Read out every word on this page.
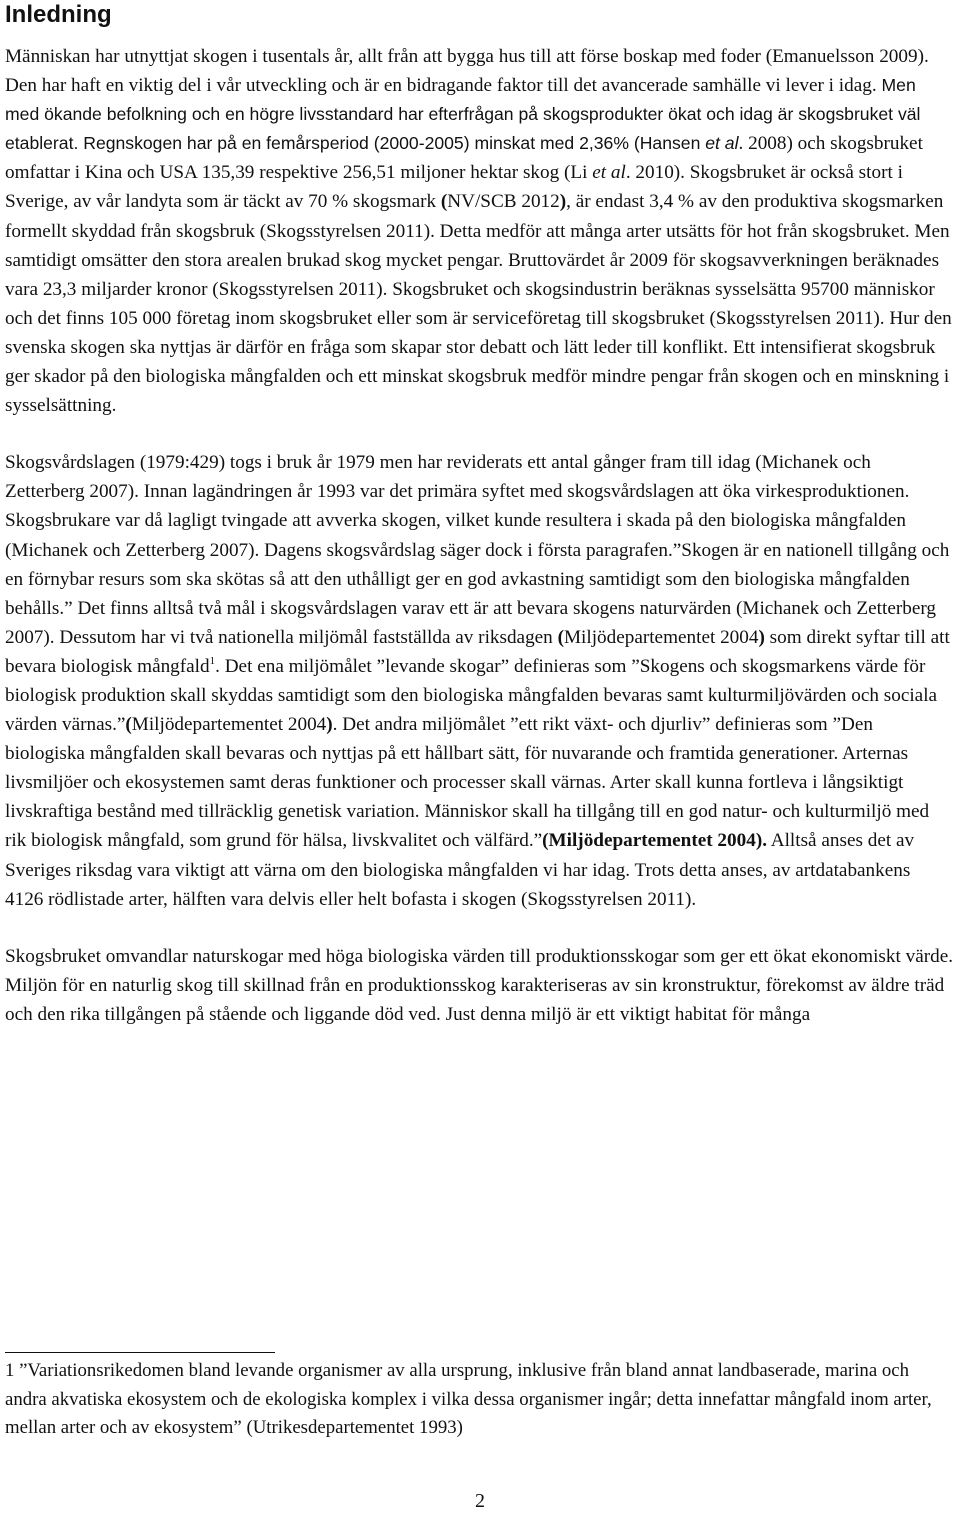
Inledning

Människan har utnyttjat skogen i tusentals år, allt från att bygga hus till att förse boskap med foder (Emanuelsson 2009). Den har haft en viktig del i vår utveckling och är en bidragande faktor till det avancerade samhälle vi lever i idag. Men med ökande befolkning och en högre livsstandard har efterfrågan på skogsprodukter ökat och idag är skogsbruket väl etablerat. Regnskogen har på en femårsperiod (2000-2005) minskat med 2,36% (Hansen et al. 2008) och skogsbruket omfattar i Kina och USA 135,39 respektive 256,51 miljoner hektar skog (Li et al. 2010). Skogsbruket är också stort i Sverige, av vår landyta som är täckt av 70 % skogsmark (NV/SCB 2012), är endast 3,4 % av den produktiva skogsmarken formellt skyddad från skogsbruk (Skogsstyrelsen 2011). Detta medför att många arter utsätts för hot från skogsbruket. Men samtidigt omsätter den stora arealen brukad skog mycket pengar. Bruttovärdet år 2009 för skogsavverkningen beräknades vara 23,3 miljarder kronor (Skogsstyrelsen 2011). Skogsbruket och skogsindustrin beräknas sysselsätta 95700 människor och det finns 105 000 företag inom skogsbruket eller som är serviceföretag till skogsbruket (Skogsstyrelsen 2011). Hur den svenska skogen ska nyttjas är därför en fråga som skapar stor debatt och lätt leder till konflikt. Ett intensifierat skogsbruk ger skador på den biologiska mångfalden och ett minskat skogsbruk medför mindre pengar från skogen och en minskning i sysselsättning.

Skogsvårdslagen (1979:429) togs i bruk år 1979 men har reviderats ett antal gånger fram till idag (Michanek och Zetterberg 2007). Innan lagändringen år 1993 var det primära syftet med skogsvårdslagen att öka virkesproduktionen. Skogsbrukare var då lagligt tvingade att avverka skogen, vilket kunde resultera i skada på den biologiska mångfalden (Michanek och Zetterberg 2007). Dagens skogsvårdslag säger dock i första paragrafen.”Skogen är en nationell tillgång och en förnybar resurs som ska skötas så att den uthålligt ger en god avkastning samtidigt som den biologiska mångfalden behålls.” Det finns alltså två mål i skogsvårdslagen varav ett är att bevara skogens naturvärden (Michanek och Zetterberg 2007). Dessutom har vi två nationella miljömål fastställda av riksdagen (Miljödepartementet 2004) som direkt syftar till att bevara biologisk mångfald$^1$. Det ena miljömålet ”levande skogar” definieras som ”Skogens och skogsmarkens värde för biologisk produktion skall skyddas samtidigt som den biologiska mångfalden bevaras samt kulturmiljövärden och sociala värden värnas.”(Miljödepartementet 2004). Det andra miljömålet ”ett rikt växt- och djurliv” definieras som ”Den biologiska mångfalden skall bevaras och nyttjas på ett hållbart sätt, för nuvarande och framtida generationer. Arternas livsmiljöer och ekosystemen samt deras funktioner och processer skall värnas. Arter skall kunna fortleva i långsiktigt livskraftiga bestånd med tillräcklig genetisk variation. Människor skall ha tillgång till en god natur- och kulturmiljö med rik biologisk mångfald, som grund för hälsa, livskvalitet och välfärd.”(Miljödepartementet 2004). Alltså anses det av Sveriges riksdag vara viktigt att värna om den biologiska mångfalden vi har idag. Trots detta anses, av artdatabankens 4126 rödlistade arter, hälften vara delvis eller helt bofasta i skogen (Skogsstyrelsen 2011).

Skogsbruket omvandlar naturskogar med höga biologiska värden till produktionsskogar som ger ett ökat ekonomiskt värde. Miljön för en naturlig skog till skillnad från en produktionsskog karakteriseras av sin kronstruktur, förekomst av äldre träd och den rika tillgången på stående och liggande död ved. Just denna miljö är ett viktigt habitat för många

1 ”Variationsrikedomen bland levande organismer av alla ursprung, inklusive från bland annat landbaserade, marina och andra akvatiska ekosystem och de ekologiska komplex i vilka dessa organismer ingår; detta innefattar mångfald inom arter, mellan arter och av ekosystem” (Utrikesdepartementet 1993)
2
